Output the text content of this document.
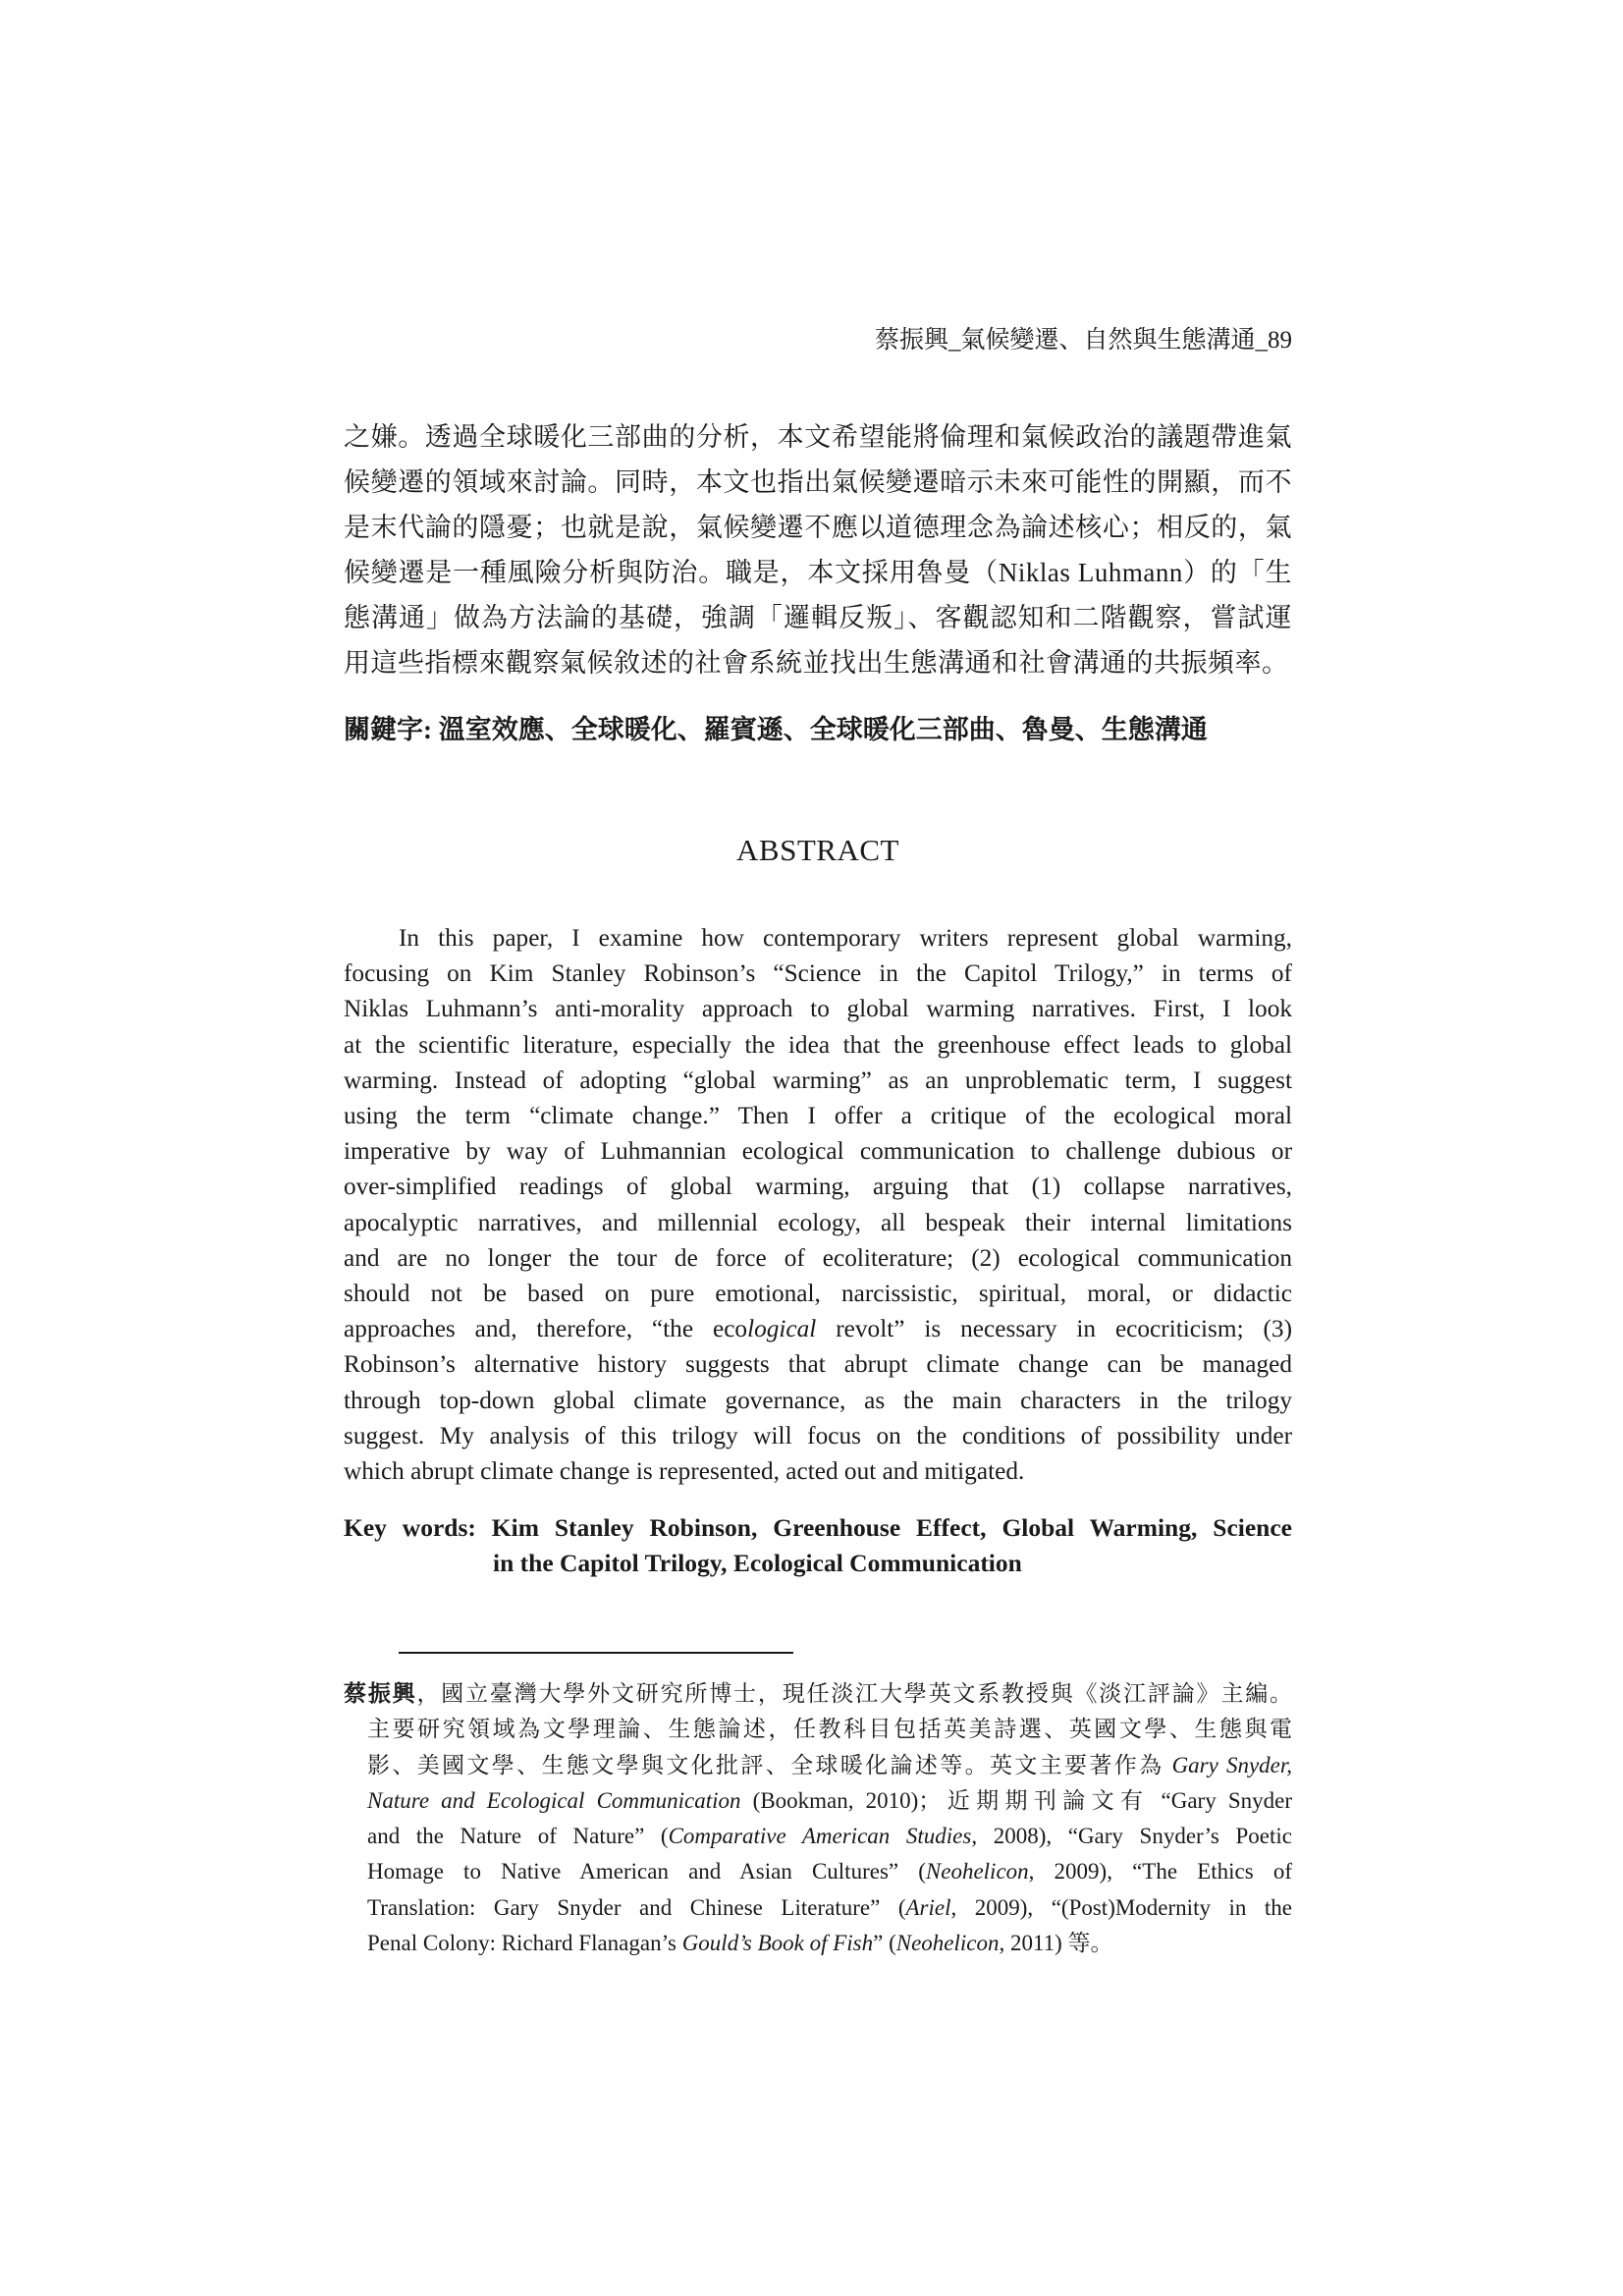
蔡振興_氣候變遷、自然與生態溝通_89
之嫌。透過全球暖化三部曲的分析，本文希望能將倫理和氣候政治的議題帶進氣
候變遷的領域來討論。同時，本文也指出氣候變遷暗示未來可能性的開顯，而不
是末代論的隱憂；也就是說，氣候變遷不應以道德理念為論述核心；相反的，氣
候變遷是一種風險分析與防治。職是，本文採用魯曼（Niklas Luhmann）的「生
態溝通」做為方法論的基礎，強調「邏輯反叛」、客觀認知和二階觀察，嘗試運
用這些指標來觀察氣候敘述的社會系統並找出生態溝通和社會溝通的共振頻率。
關鍵字: 溫室效應、全球暖化、羅賓遜、全球暖化三部曲、魯曼、生態溝通
ABSTRACT
In this paper, I examine how contemporary writers represent global warming,
focusing on Kim Stanley Robinson’s “Science in the Capitol Trilogy,” in terms of
Niklas Luhmann’s anti-morality approach to global warming narratives. First, I look
at the scientific literature, especially the idea that the greenhouse effect leads to global
warming. Instead of adopting “global warming” as an unproblematic term, I suggest
using the term “climate change.” Then I offer a critique of the ecological moral
imperative by way of Luhmannian ecological communication to challenge dubious or
over-simplified readings of global warming, arguing that (1) collapse narratives,
apocalyptic narratives, and millennial ecology, all bespeak their internal limitations
and are no longer the tour de force of ecoliterature; (2) ecological communication
should not be based on pure emotional, narcissistic, spiritual, moral, or didactic
approaches and, therefore, “the ecological revolt” is necessary in ecocriticism; (3)
Robinson’s alternative history suggests that abrupt climate change can be managed
through top-down global climate governance, as the main characters in the trilogy
suggest. My analysis of this trilogy will focus on the conditions of possibility under
which abrupt climate change is represented, acted out and mitigated.
Key words: Kim Stanley Robinson, Greenhouse Effect, Global Warming, Science
in the Capitol Trilogy, Ecological Communication
蔡振興，國立臺灣大學外文研究所博士，現任淡江大學英文系教授與《淡江評論》主編。
主要研究領域為文學理論、生態論述，任教科目包括英美詩選、英國文學、生態與電
影、美國文學、生態文學與文化批評、全球暖化論述等。英文主要著作為 Gary Snyder,
Nature and Ecological Communication (Bookman, 2010)；近期期刊論文有 “Gary Snyder
and the Nature of Nature” (Comparative American Studies, 2008), “Gary Snyder’s Poetic
Homage to Native American and Asian Cultures” (Neohelicon, 2009), “The Ethics of
Translation: Gary Snyder and Chinese Literature” (Ariel, 2009), “(Post)Modernity in the
Penal Colony: Richard Flanagan’s Gould’s Book of Fish” (Neohelicon, 2011) 等。
